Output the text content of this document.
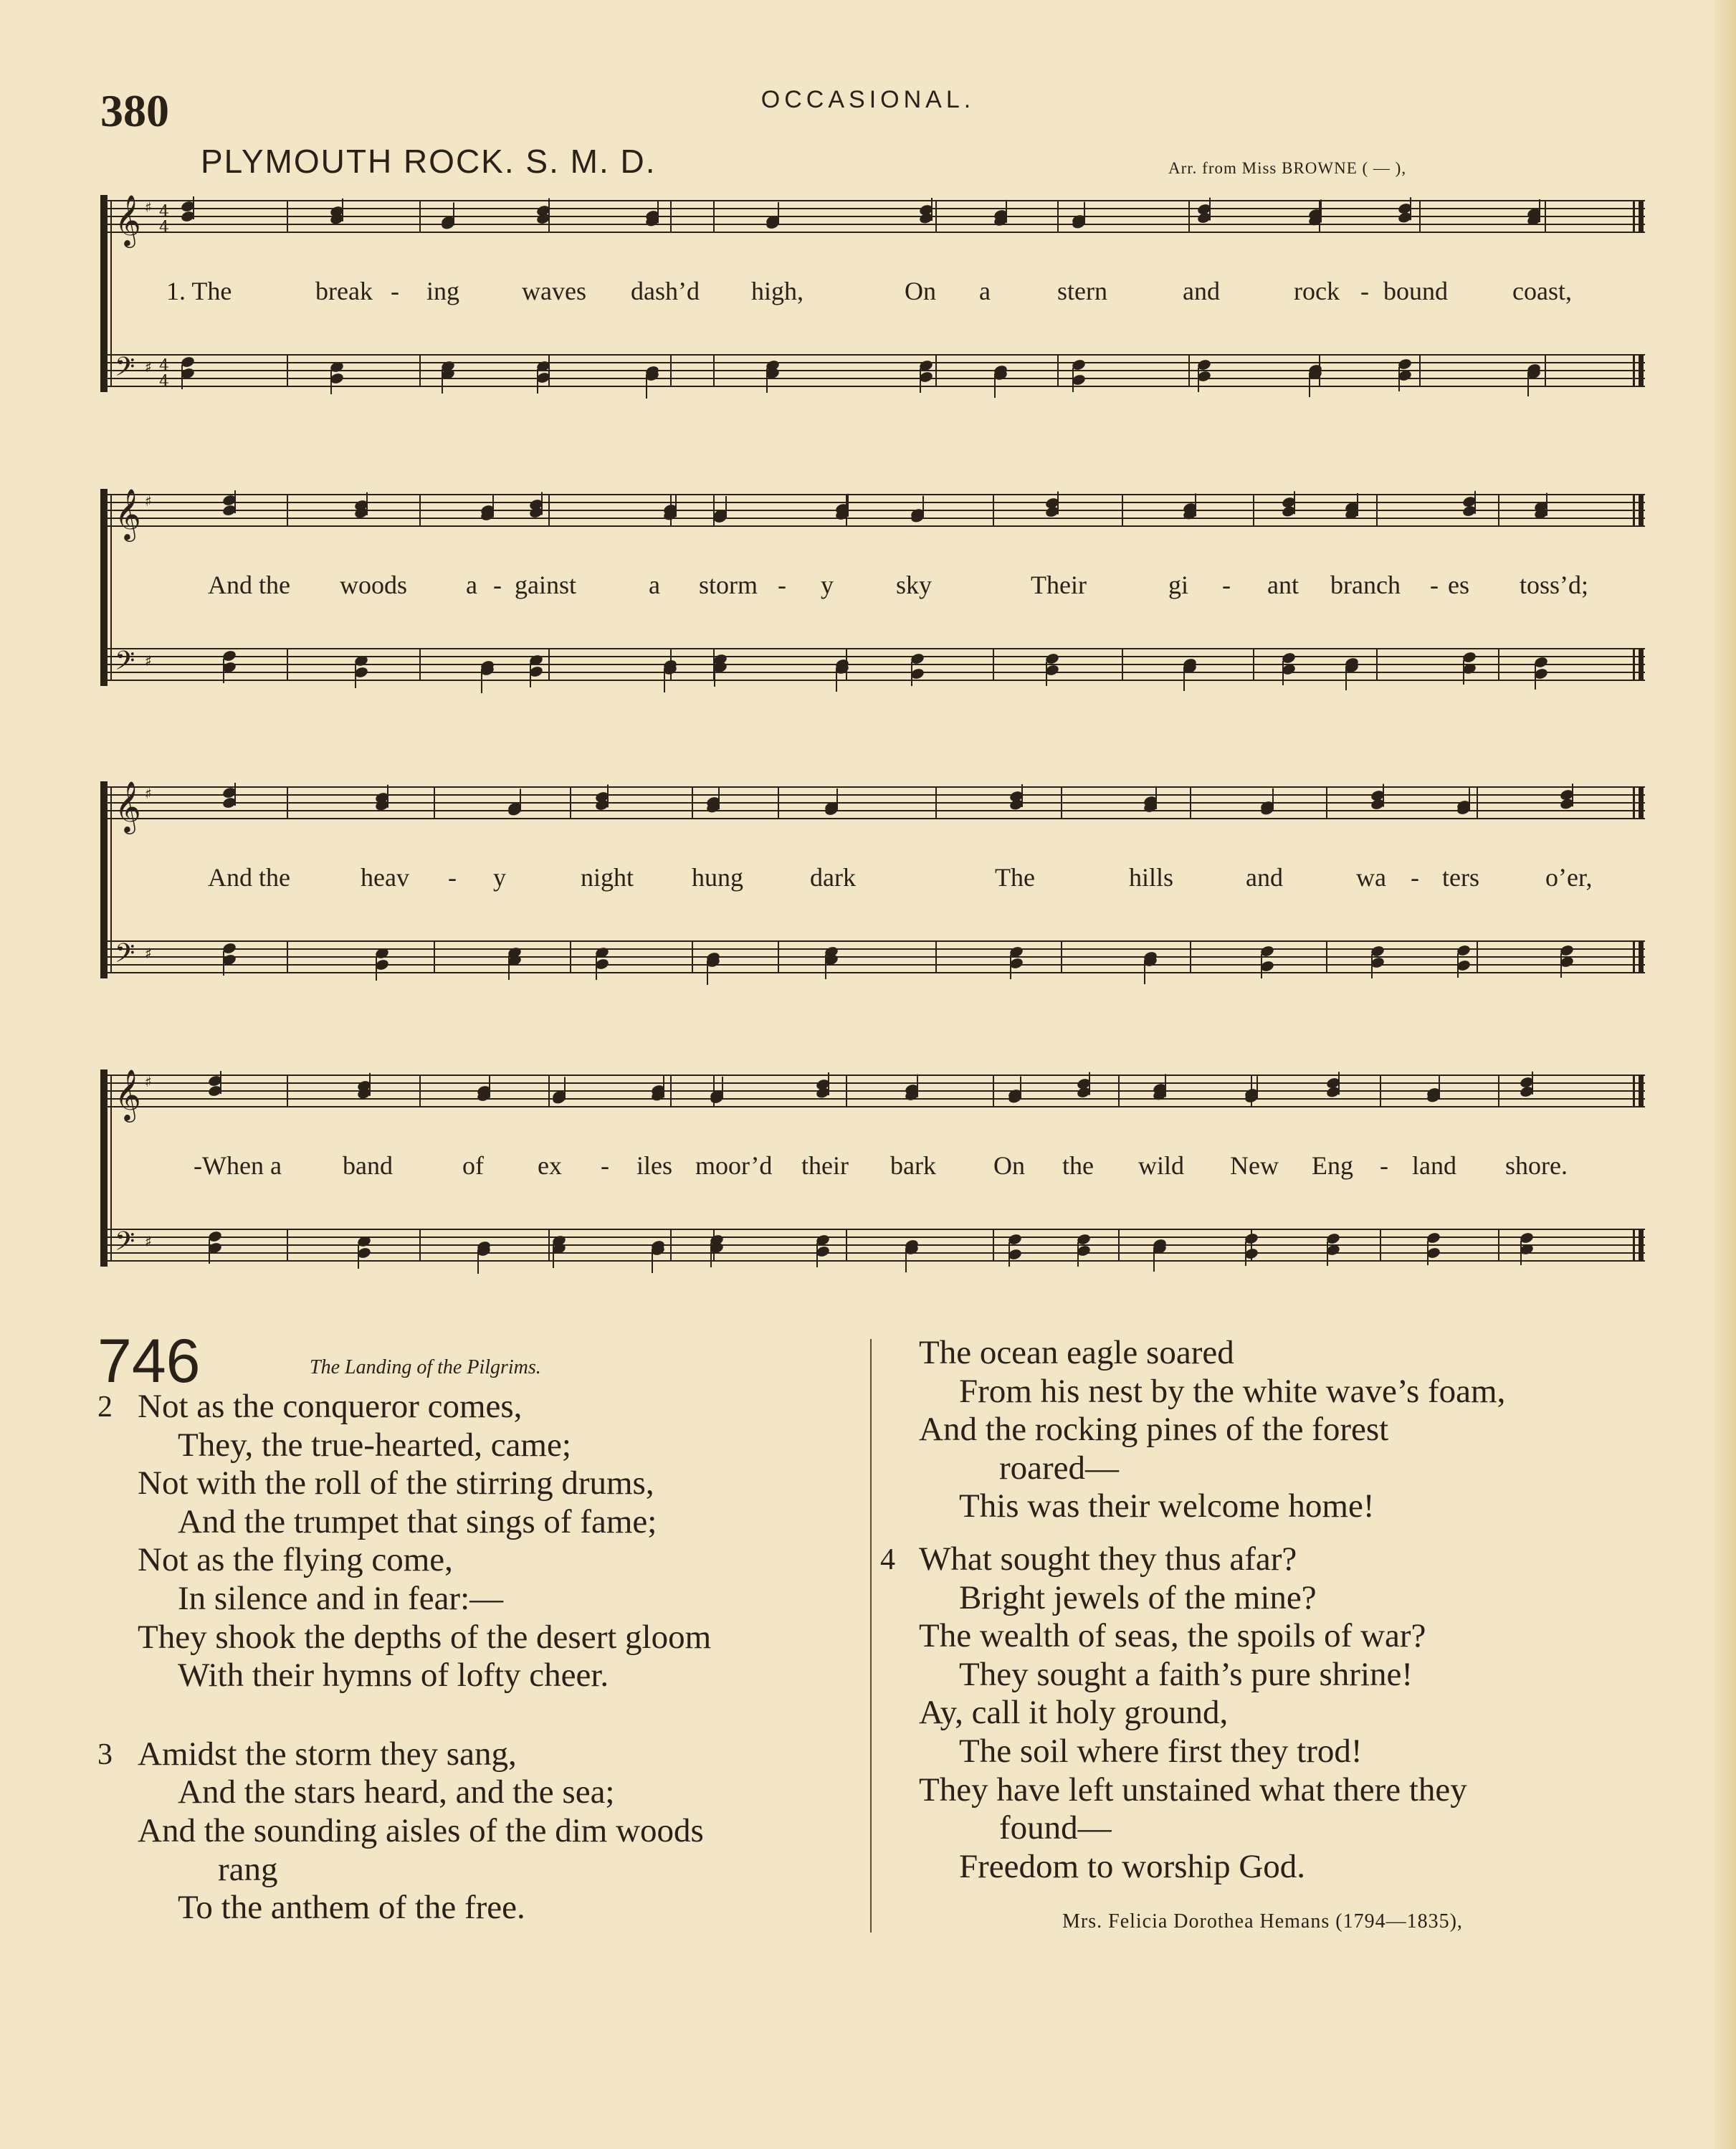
380	OCCASIONAL.
PLYMOUTH ROCK. S. M. D.	Arr. from Miss BROWNE ( — ),
𝄞
𝄢
♯
♯
4
4
4
4
1. The	break - ing waves dash’d high,	On a	stern	and	rock - bound	coast,
𝄞
𝄢
♯
♯
And the woods a - gainst	a storm - y sky	Their	gi - ant branch - es toss’d;
𝄞
𝄢
♯
♯
And the	heav - y	night hung	dark	The	hills	and	wa - ters	o’er,
𝄞
𝄢
♯
♯
-When a band	of ex - iles moor’d their bark On the wild New Eng - land shore.
746	The Landing of the Pilgrims.
2 Not as the conqueror comes,
They, the true-hearted, came;
Not with the roll of the stirring drums,
And the trumpet that sings of fame;
Not as the flying come,
In silence and in fear:—
They shook the depths of the desert gloom
With their hymns of lofty cheer.
3 Amidst the storm they sang,
And the stars heard, and the sea;
And the sounding aisles of the dim woods
rang
To the anthem of the free.
The ocean eagle soared
From his nest by the white wave’s foam,
And the rocking pines of the forest
roared—
This was their welcome home!
4 What sought they thus afar?
Bright jewels of the mine?
The wealth of seas, the spoils of war?
They sought a faith’s pure shrine!
Ay, call it holy ground,
The soil where first they trod!
They have left unstained what there they
found—
Freedom to worship God.
Mrs. Felicia Dorothea Hemans (1794—1835),
